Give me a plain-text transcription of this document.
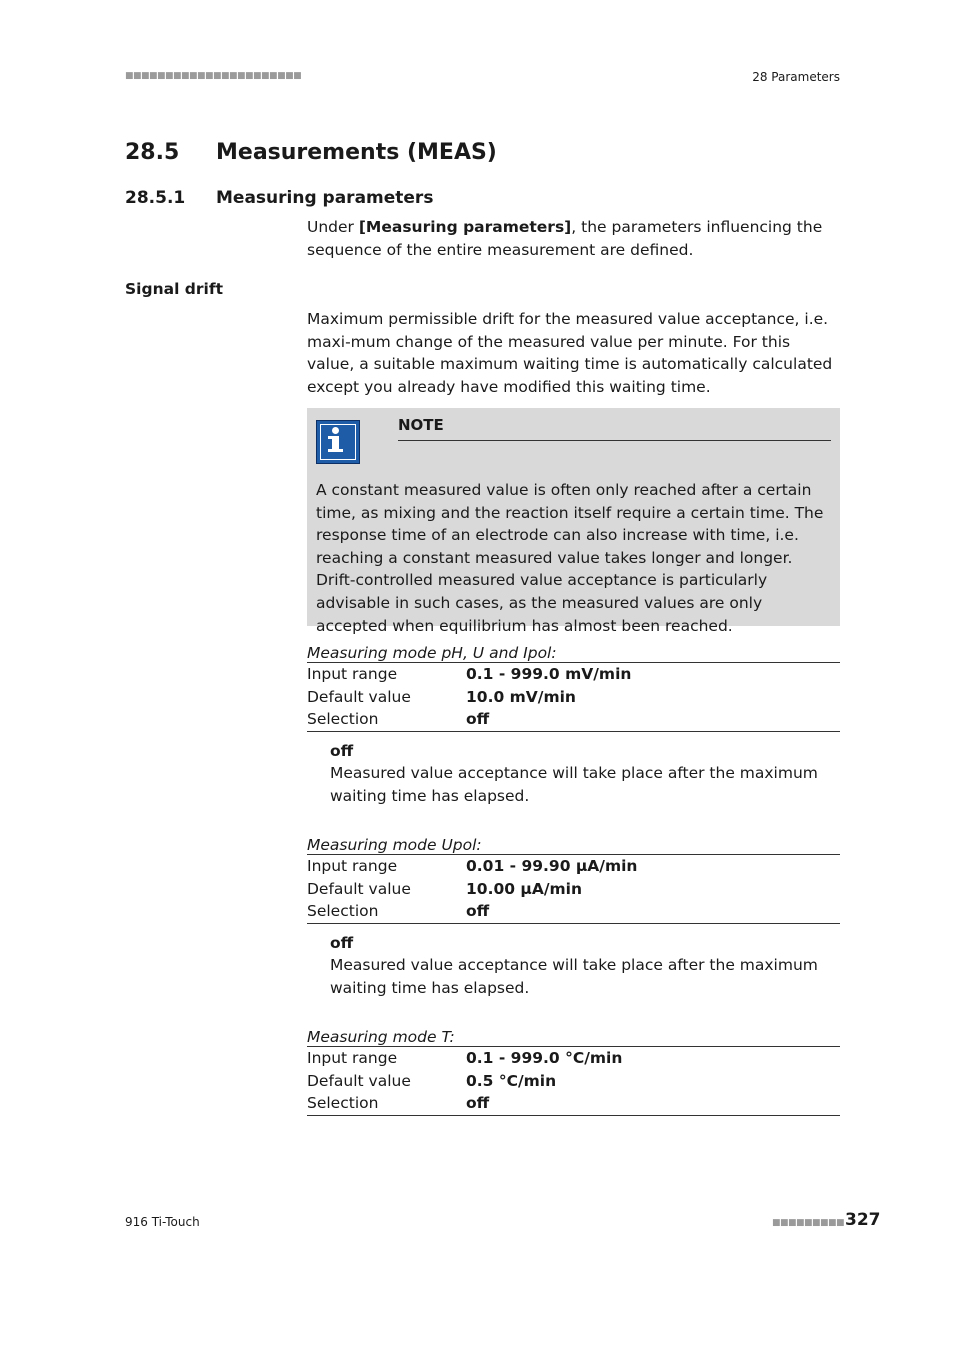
■■■■■■■■■■■■■■■■■■■■■■	28 Parameters
28.5 Measurements (MEAS)
28.5.1 Measuring parameters
Under [Measuring parameters], the parameters influencing the sequence of the entire measurement are defined.
Signal drift
Maximum permissible drift for the measured value acceptance, i.e. maxi-mum change of the measured value per minute. For this value, a suitable maximum waiting time is automatically calculated except you already have modified this waiting time.
NOTE
A constant measured value is often only reached after a certain time, as mixing and the reaction itself require a certain time. The response time of an electrode can also increase with time, i.e. reaching a constant measured value takes longer and longer. Drift-controlled measured value acceptance is particularly advisable in such cases, as the measured values are only accepted when equilibrium has almost been reached.
Measuring mode pH, U and Ipol:
Input range	0.1 - 999.0 mV/min
Default value	10.0 mV/min
Selection	off
off
Measured value acceptance will take place after the maximum waiting time has elapsed.
Measuring mode Upol:
Input range	0.01 - 99.90 µA/min
Default value	10.00 µA/min
Selection	off
off
Measured value acceptance will take place after the maximum waiting time has elapsed.
Measuring mode T:
Input range	0.1 - 999.0 °C/min
Default value	0.5 °C/min
Selection	off
916 Ti-Touch	■■■■■■■■■ 327
